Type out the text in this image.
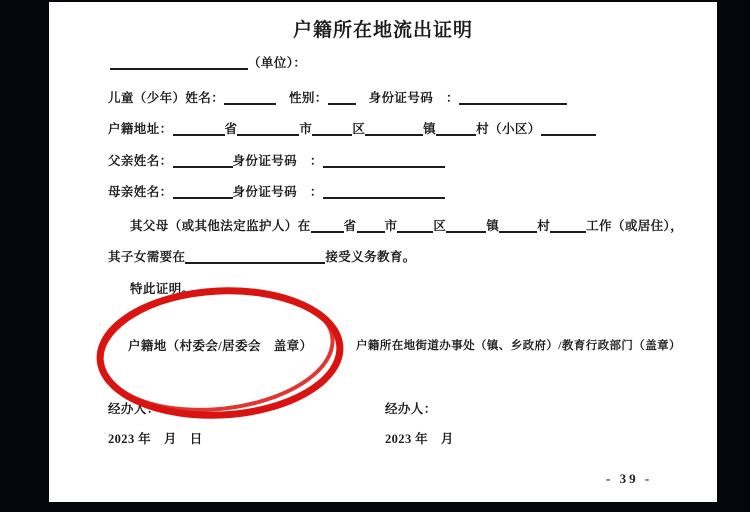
户籍所在地流出证明
（单位）：
儿童（少年）姓名：	　性别：　身份证号码　：
户籍地址：	省	市	区	镇	村（小区）
父亲姓名：	身份证号码　：
母亲姓名：	身份证号码　：
其父母（或其他法定监护人）在	省 市	区	镇	村	工作（或居住），
其子女需要在	接受义务教育。
特此证明。
户籍地（村委会/居委会　盖章）	户籍所在地街道办事处（镇、乡政府）/教育行政部门（盖章）
经办人：	经办人：
2023 年　月　日	2023 年　月
- 39 -
